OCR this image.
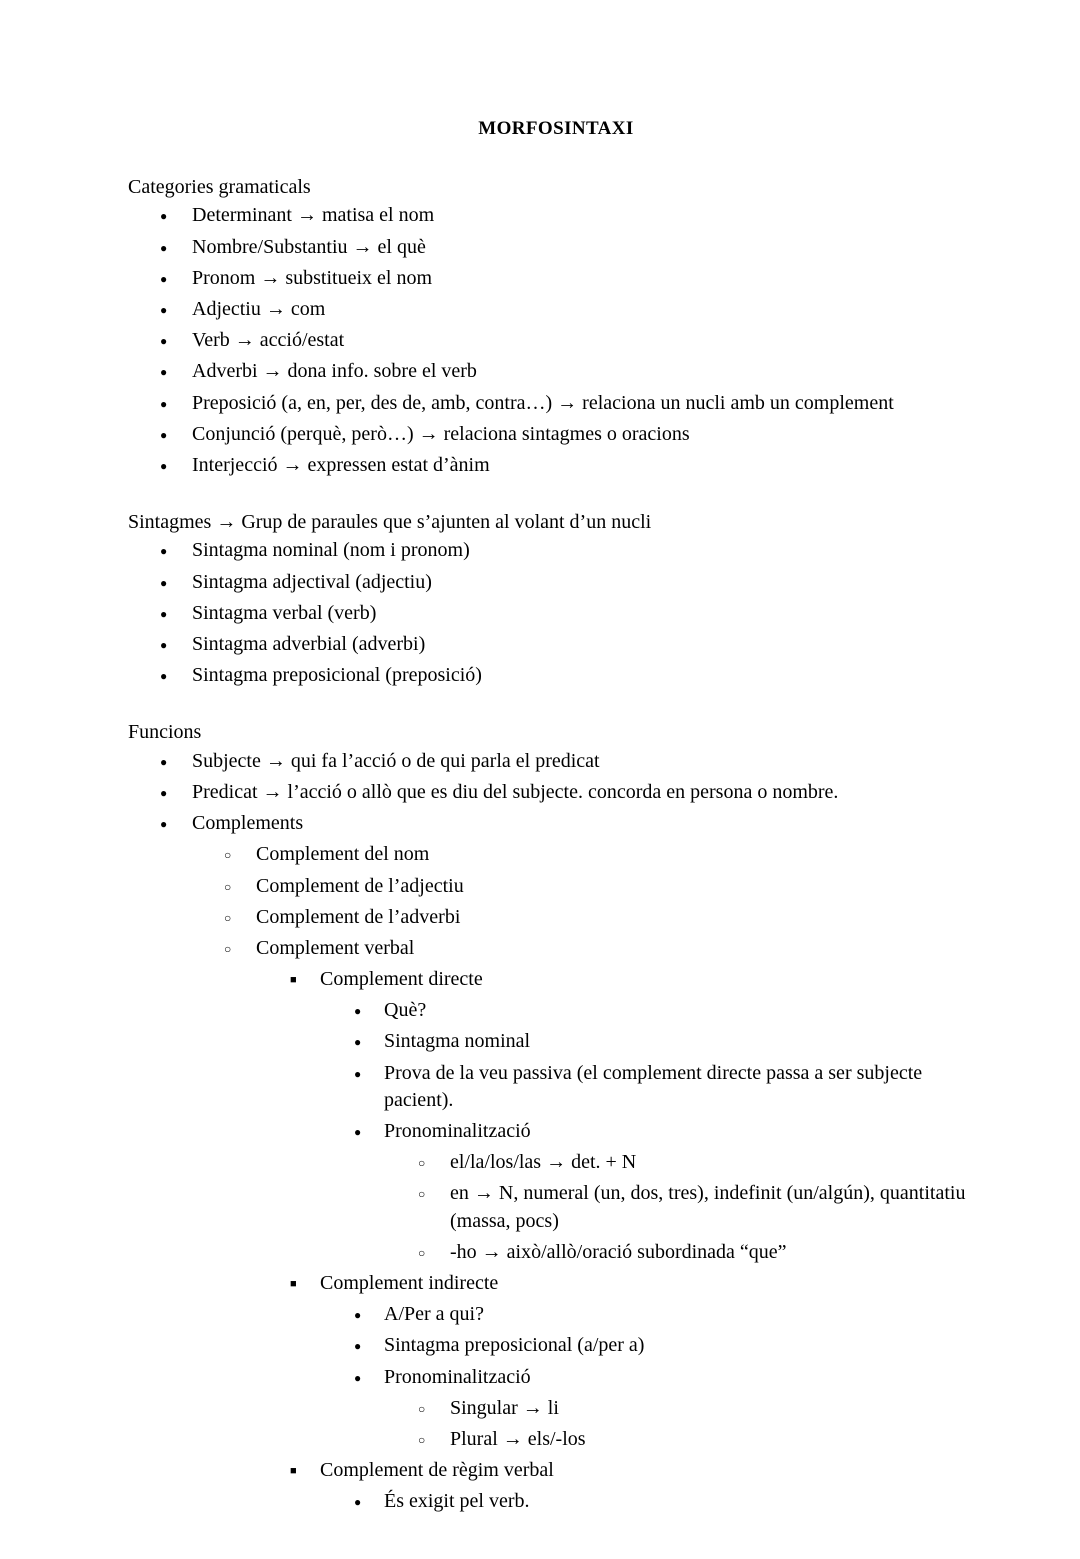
MORFOSINTAXI

Categories gramaticals

● Determinant → matisa el nom
● Nombre/Substantiu → el què
● Pronom → substitueix el nom
● Adjectiu → com
● Verb → acció/estat
● Adverbi → dona info. sobre el verb
● Preposició (a, en, per, des de, amb, contra…) → relaciona un nucli amb un complement
● Conjunció (perquè, però…) → relaciona sintagmes o oracions
● Interjecció → expressen estat d’ànim

Sintagmes → Grup de paraules que s’ajunten al volant d’un nucli

● Sintagma nominal (nom i pronom)
● Sintagma adjectival (adjectiu)
● Sintagma verbal (verb)
● Sintagma adverbial (adverbi)
● Sintagma preposicional (preposició)

Funcions

● Subjecte → qui fa l’acció o de qui parla el predicat
● Predicat → l’acció o allò que es diu del subjecte. concorda en persona o nombre.
● Complements
○ Complement del nom
○ Complement de l’adjectiu
○ Complement de l’adverbi
○ Complement verbal
■ Complement directe
● Què?
● Sintagma nominal
● Prova de la veu passiva (el complement directe passa a ser subjecte pacient).
● Pronominalització
○ el/la/los/las → det. + N
○ en → N, numeral (un, dos, tres), indefinit (un/algún), quantitatiu (massa, pocs)
○ -ho → això/allò/oració subordinada “que”
■ Complement indirecte
● A/Per a qui?
● Sintagma preposicional (a/per a)
● Pronominalització
○ Singular → li
○ Plural → els/-los
■ Complement de règim verbal
● És exigit pel verb.
